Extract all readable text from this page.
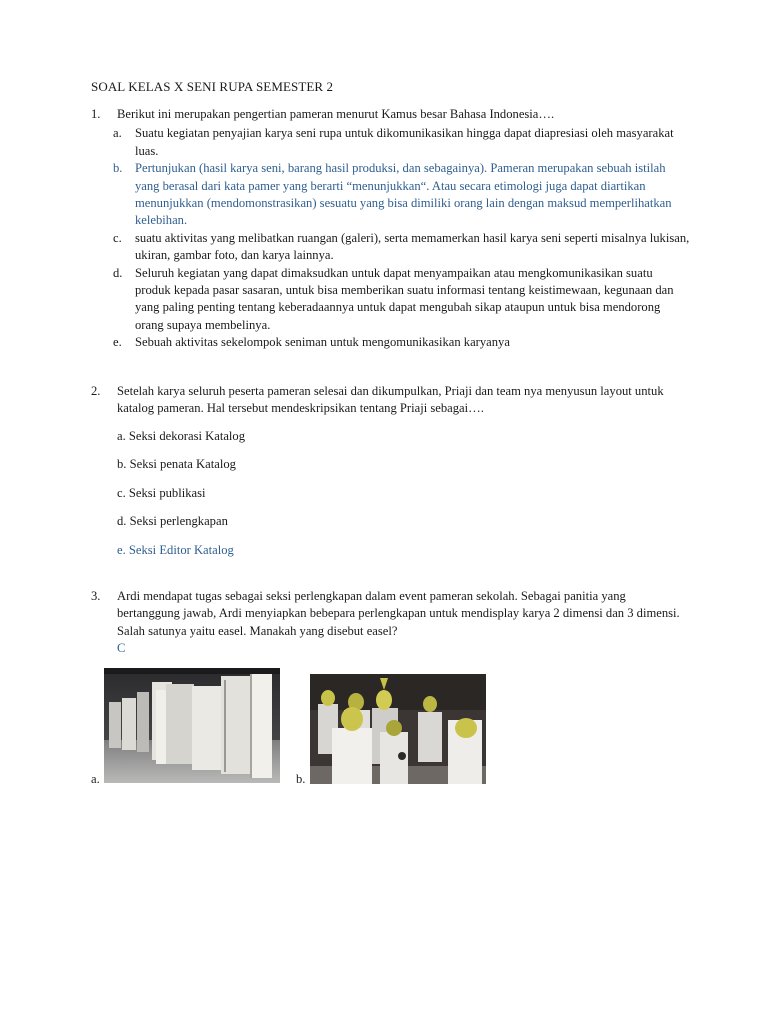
SOAL KELAS X SENI RUPA SEMESTER 2
1. Berikut ini merupakan pengertian pameran menurut Kamus besar Bahasa Indonesia….
a. Suatu kegiatan penyajian karya seni rupa untuk dikomunikasikan hingga dapat diapresiasi oleh masyarakat luas.
b. Pertunjukan (hasil karya seni, barang hasil produksi, dan sebagainya). Pameran merupakan sebuah istilah yang berasal dari kata pamer yang berarti “menunjukkan“. Atau secara etimologi juga dapat diartikan menunjukkan (mendomonstrasikan) sesuatu yang bisa dimiliki orang lain dengan maksud memperlihatkan kelebihan.
c. suatu aktivitas yang melibatkan ruangan (galeri), serta memamerkan hasil karya seni seperti misalnya lukisan, ukiran, gambar foto, dan karya lainnya.
d. Seluruh kegiatan yang dapat dimaksudkan untuk dapat menyampaikan atau mengkomunikasikan suatu produk kepada pasar sasaran, untuk bisa memberikan suatu informasi tentang keistimewaan, kegunaan dan yang paling penting tentang keberadaannya untuk dapat mengubah sikap ataupun untuk bisa mendorong orang supaya membelinya.
e. Sebuah aktivitas sekelompok seniman untuk mengomunikasikan karyanya
2. Setelah karya seluruh peserta pameran selesai dan dikumpulkan, Priaji dan team nya menyusun layout untuk katalog pameran. Hal tersebut mendeskripsikan tentang Priaji sebagai….
a. Seksi dekorasi Katalog
b. Seksi penata Katalog
c. Seksi publikasi
d. Seksi perlengkapan
e. Seksi Editor Katalog
3. Ardi mendapat tugas sebagai seksi perlengkapan dalam event pameran sekolah. Sebagai panitia yang bertanggung jawab, Ardi menyiapkan bebepara perlengkapan untuk mendisplay karya 2 dimensi dan 3 dimensi. Salah satunya yaitu easel. Manakah yang disebut easel?
C
a.	b.
